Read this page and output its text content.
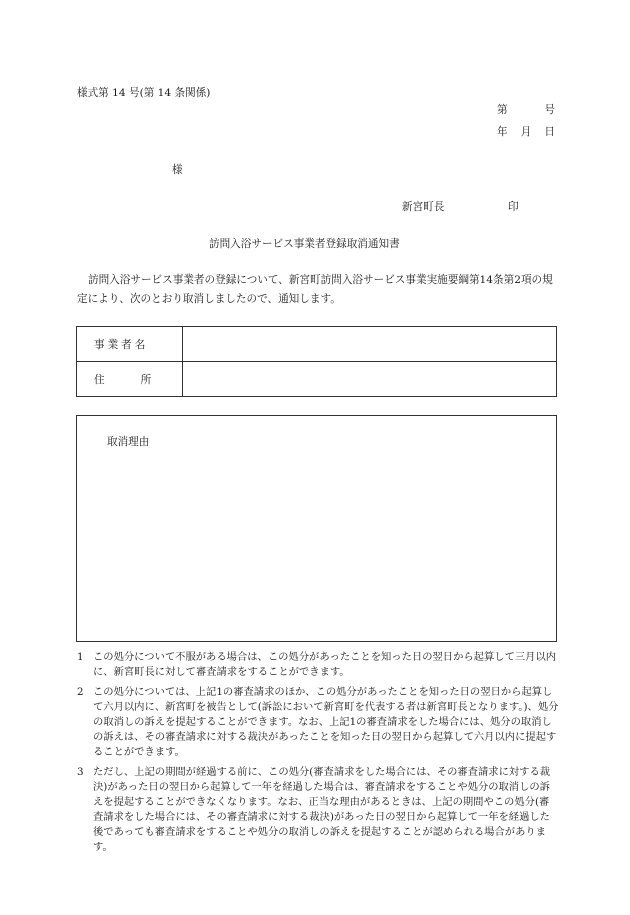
様式第 14 号(第 14 条関係)
第	号
年 月 日
様
新宮町長	印
訪問入浴サービス事業者登録取消通知書
訪問入浴サービス事業者の登録について、新宮町訪問入浴サービス事業実施要綱第14条第2項の規定により、次のとおり取消しましたので、通知します。
事業者名	
住 所	
取消理由
1 この処分について不服がある場合は、この処分があったことを知った日の翌日から起算して三月以内に、新宮町長に対して審査請求をすることができます。
2 この処分については、上記1の審査請求のほか、この処分があったことを知った日の翌日から起算して六月以内に、新宮町を被告として(訴訟において新宮町を代表する者は新宮町長となります。)、処分の取消しの訴えを提起することができます。なお、上記1の審査請求をした場合には、処分の取消しの訴えは、その審査請求に対する裁決があったことを知った日の翌日から起算して六月以内に提起することができます。
3 ただし、上記の期間が経過する前に、この処分(審査請求をした場合には、その審査請求に対する裁決)があった日の翌日から起算して一年を経過した場合は、審査請求をすることや処分の取消しの訴えを提起することができなくなります。なお、正当な理由があるときは、上記の期間やこの処分(審査請求をした場合には、その審査請求に対する裁決)があった日の翌日から起算して一年を経過した後であっても審査請求をすることや処分の取消しの訴えを提起することが認められる場合があります。
